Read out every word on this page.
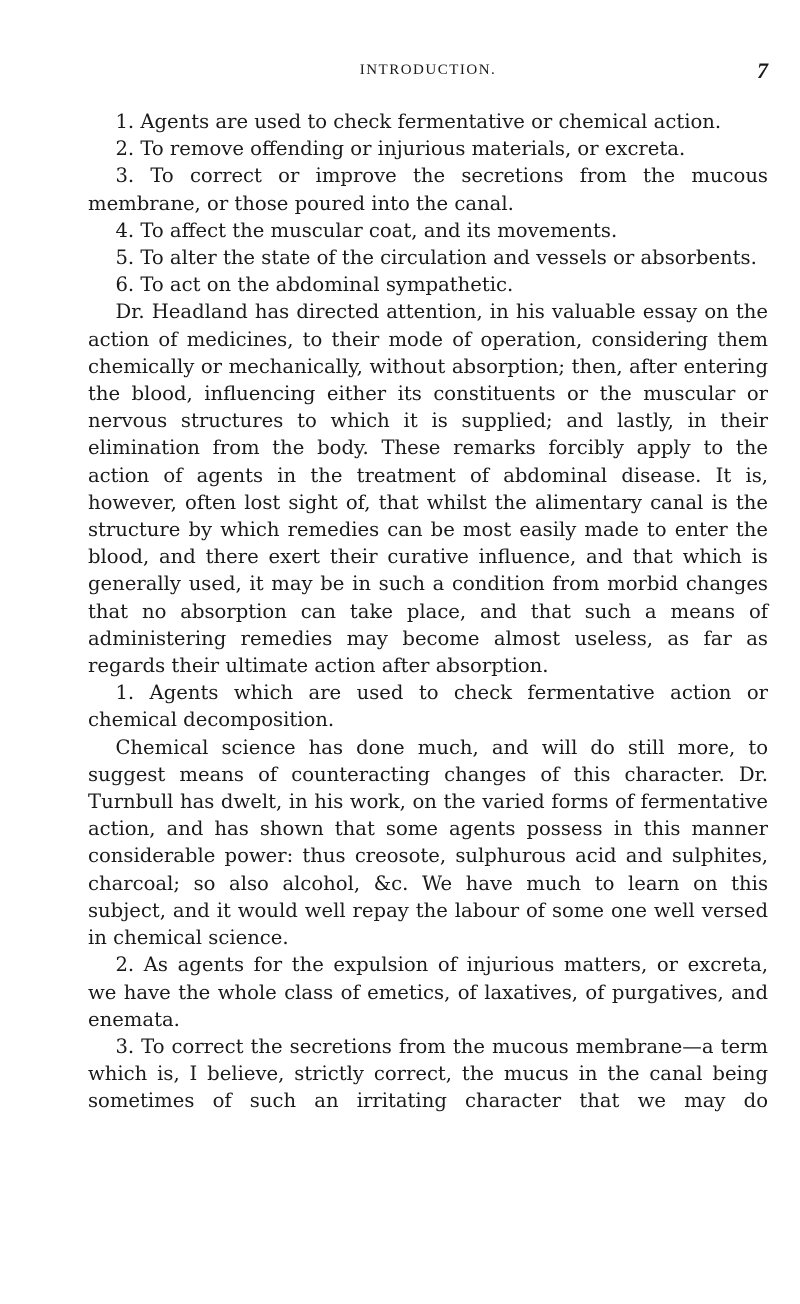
INTRODUCTION.	7

1. Agents are used to check fermentative or chemical action.

2. To remove offending or injurious materials, or excreta.

3. To correct or improve the secretions from the mucous membrane, or those poured into the canal.

4. To affect the muscular coat, and its movements.

5. To alter the state of the circulation and vessels or absorbents.

6. To act on the abdominal sympathetic.

Dr. Headland has directed attention, in his valuable essay on the action of medicines, to their mode of operation, considering them chemically or mechanically, without absorption; then, after entering the blood, influencing either its constituents or the muscular or nervous structures to which it is supplied; and lastly, in their elimination from the body. These remarks forcibly apply to the action of agents in the treatment of abdominal disease. It is, however, often lost sight of, that whilst the alimentary canal is the structure by which remedies can be most easily made to enter the blood, and there exert their curative influence, and that which is generally used, it may be in such a condition from morbid changes that no absorption can take place, and that such a means of administering remedies may become almost useless, as far as regards their ultimate action after absorption.

1. Agents which are used to check fermentative action or chemical decomposition.

Chemical science has done much, and will do still more, to suggest means of counteracting changes of this character. Dr. Turnbull has dwelt, in his work, on the varied forms of fermentative action, and has shown that some agents possess in this manner considerable power: thus creosote, sulphurous acid and sulphites, charcoal; so also alcohol, &c. We have much to learn on this subject, and it would well repay the labour of some one well versed in chemical science.

2. As agents for the expulsion of injurious matters, or excreta, we have the whole class of emetics, of laxatives, of purgatives, and enemata.

3. To correct the secretions from the mucous membrane—a term which is, I believe, strictly correct, the mucus in the canal being sometimes of such an irritating character that we may do
